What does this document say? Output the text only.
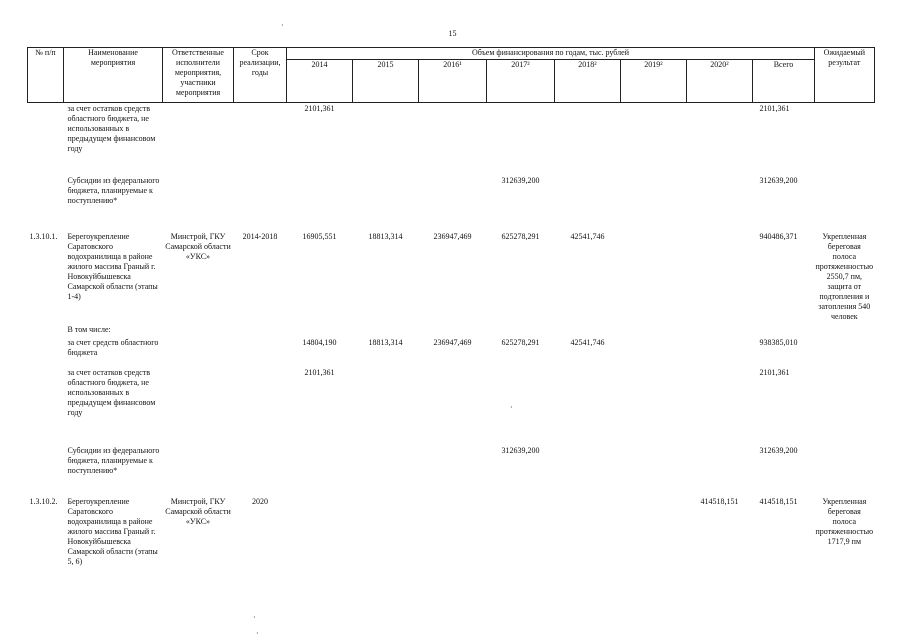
15
·
·
·
·
№ п/п	Наименование мероприятия	Ответственные исполнители мероприятия, участники мероприятия	Срок реализации, годы	Объем финансирования по годам, тыс. рублей								Ожидаемый результат
				2014	2015	2016¹	2017²	2018²	2019²	2020²	Всего	
	за счет остатков средств областного бюджета, не использованных в предыдущем финансовом году			2101,361							2101,361	
	Субсидии из федерального бюджета, планируемые к поступлению*						312639,200				312639,200	
1.3.10.1.	Берегоукрепление Саратовского водохранилища в районе жилого массива Граный г. Новокуйбышевска Самарской области (этапы 1-4)	Минстрой, ГКУ Самарской области «УКС»	2014-2018	16905,551	18813,314	236947,469	625278,291	42541,746			940486,371	Укрепленная береговая полоса протяженностью 2550,7 пм, защита от подтопления и затопления 540 человек
	В том числе:											
	за счет средств областного бюджета			14804,190	18813,314	236947,469	625278,291	42541,746			938385,010	
	за счет остатков средств областного бюджета, не использованных в предыдущем финансовом году			2101,361							2101,361	
	Субсидии из федерального бюджета, планируемые к поступлению*						312639,200				312639,200	
1.3.10.2.	Берегоукрепление Саратовского водохранилища в районе жилого массива Граный г. Новокуйбышевска Самарской области (этапы 5, 6)	Минстрой, ГКУ Самарской области «УКС»	2020							414518,151	414518,151	Укрепленная береговая полоса протяженностью 1717,9 пм
